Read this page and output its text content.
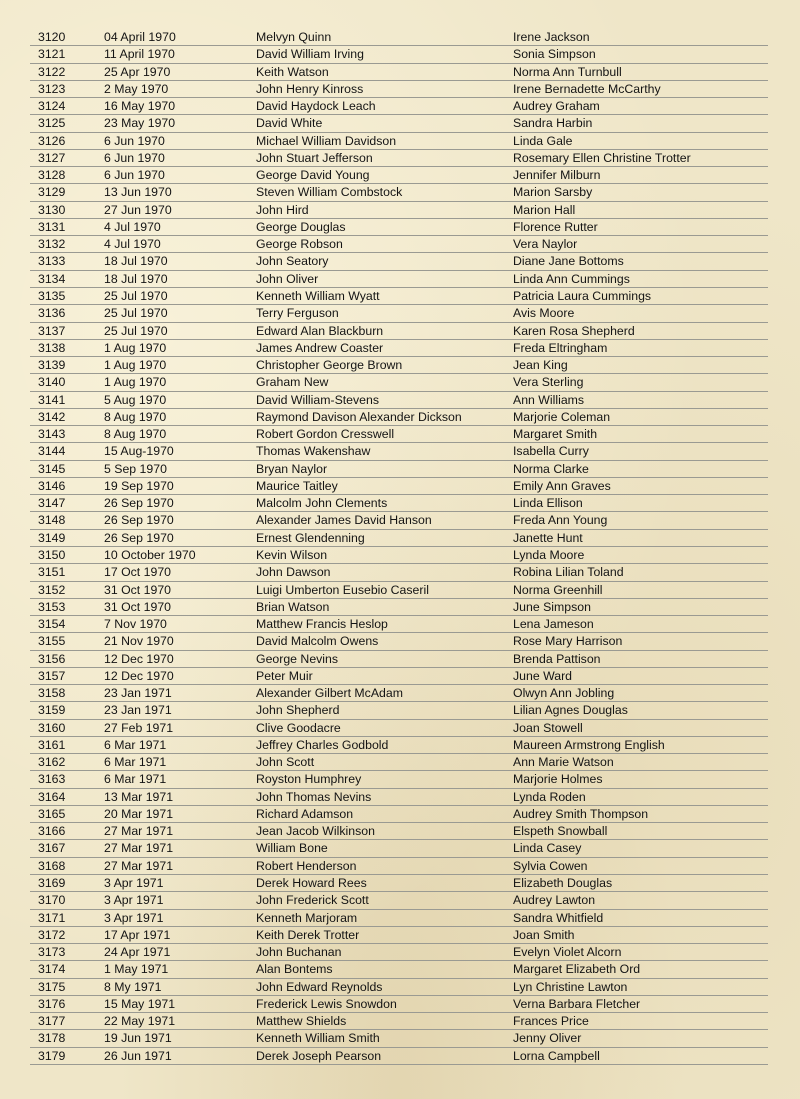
3120	04 April 1970	Melvyn Quinn	Irene Jackson
3121	11 April 1970	David William Irving	Sonia Simpson
3122	25 Apr 1970	Keith Watson	Norma Ann Turnbull
3123	2 May 1970	John Henry Kinross	Irene Bernadette McCarthy
3124	16 May 1970	David Haydock Leach	Audrey Graham
3125	23 May 1970	David White	Sandra Harbin
3126	6 Jun 1970	Michael William Davidson	Linda Gale
3127	6 Jun 1970	John Stuart Jefferson	Rosemary Ellen Christine Trotter
3128	6 Jun 1970	George David Young	Jennifer Milburn
3129	13 Jun 1970	Steven William Combstock	Marion Sarsby
3130	27 Jun 1970	John Hird	Marion Hall
3131	4 Jul 1970	George Douglas	Florence Rutter
3132	4 Jul 1970	George Robson	Vera Naylor
3133	18 Jul 1970	John Seatory	Diane Jane Bottoms
3134	18 Jul 1970	John Oliver	Linda Ann Cummings
3135	25 Jul 1970	Kenneth William Wyatt	Patricia Laura Cummings
3136	25 Jul 1970	Terry Ferguson	Avis Moore
3137	25 Jul 1970	Edward Alan Blackburn	Karen Rosa Shepherd
3138	1 Aug 1970	James Andrew Coaster	Freda Eltringham
3139	1 Aug 1970	Christopher George Brown	Jean King
3140	1 Aug 1970	Graham New	Vera Sterling
3141	5 Aug 1970	David William-Stevens	Ann Williams
3142	8 Aug 1970	Raymond Davison Alexander Dickson	Marjorie Coleman
3143	8 Aug 1970	Robert Gordon Cresswell	Margaret Smith
3144	15 Aug-1970	Thomas Wakenshaw	Isabella Curry
3145	5 Sep 1970	Bryan Naylor	Norma Clarke
3146	19 Sep 1970	Maurice Taitley	Emily Ann Graves
3147	26 Sep 1970	Malcolm John Clements	Linda Ellison
3148	26 Sep 1970	Alexander James David Hanson	Freda Ann Young
3149	26 Sep 1970	Ernest Glendenning	Janette Hunt
3150	10 October 1970	Kevin Wilson	Lynda Moore
3151	17 Oct 1970	John Dawson	Robina Lilian Toland
3152	31 Oct 1970	Luigi Umberton Eusebio Caseril	Norma Greenhill
3153	31 Oct 1970	Brian Watson	June Simpson
3154	7 Nov 1970	Matthew Francis Heslop	Lena Jameson
3155	21 Nov 1970	David Malcolm Owens	Rose Mary Harrison
3156	12 Dec 1970	George Nevins	Brenda Pattison
3157	12 Dec 1970	Peter Muir	June Ward
3158	23 Jan 1971	Alexander Gilbert McAdam	Olwyn Ann Jobling
3159	23 Jan 1971	John Shepherd	Lilian Agnes Douglas
3160	27 Feb 1971	Clive Goodacre	Joan Stowell
3161	6 Mar 1971	Jeffrey Charles Godbold	Maureen Armstrong English
3162	6 Mar 1971	John Scott	Ann Marie Watson
3163	6 Mar 1971	Royston Humphrey	Marjorie Holmes
3164	13 Mar 1971	John Thomas Nevins	Lynda Roden
3165	20 Mar 1971	Richard Adamson	Audrey Smith Thompson
3166	27 Mar 1971	Jean Jacob Wilkinson	Elspeth Snowball
3167	27 Mar 1971	William Bone	Linda Casey
3168	27 Mar 1971	Robert Henderson	Sylvia Cowen
3169	3 Apr 1971	Derek Howard Rees	Elizabeth Douglas
3170	3 Apr 1971	John Frederick Scott	Audrey Lawton
3171	3 Apr 1971	Kenneth Marjoram	Sandra Whitfield
3172	17 Apr 1971	Keith Derek Trotter	Joan Smith
3173	24 Apr 1971	John Buchanan	Evelyn Violet Alcorn
3174	1 May 1971	Alan Bontems	Margaret Elizabeth Ord
3175	8 My 1971	John Edward Reynolds	Lyn Christine Lawton
3176	15 May 1971	Frederick Lewis Snowdon	Verna Barbara Fletcher
3177	22 May 1971	Matthew Shields	Frances Price
3178	19 Jun 1971	Kenneth William Smith	Jenny Oliver
3179	26 Jun 1971	Derek Joseph Pearson	Lorna Campbell
